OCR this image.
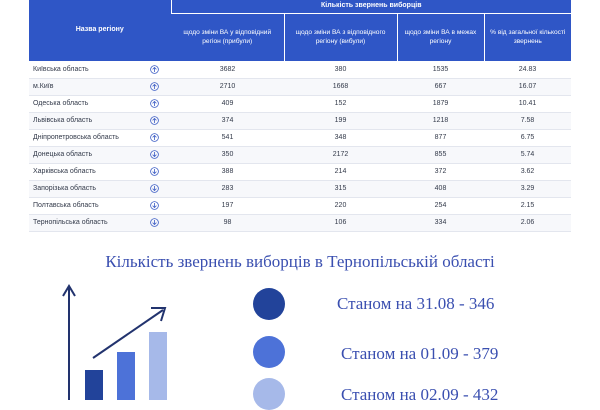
Назва регіону		Кількість звернень виборців			
		щодо зміни ВА у відповідний регіон (прибули)	щодо зміни ВА з відповідного регіону (вибули)	щодо зміни ВА в межах регіону	% від загальної кількості звернень
Київська область		3682	380	1535	24.83
м.Київ		2710	1668	667	16.07
Одеська область		409	152	1879	10.41
Львівська область		374	199	1218	7.58
Дніпропетровська область		541	348	877	6.75
Донецька область		350	2172	855	5.74
Харківська область		388	214	372	3.62
Запорізька область		283	315	408	3.29
Полтавська область		197	220	254	2.15
Тернопільська область		98	106	334	2.06
Кількість звернень виборців в Тернопільській області
Станом на 31.08 - 346
Станом на 01.09 - 379
Станом на 02.09 - 432
